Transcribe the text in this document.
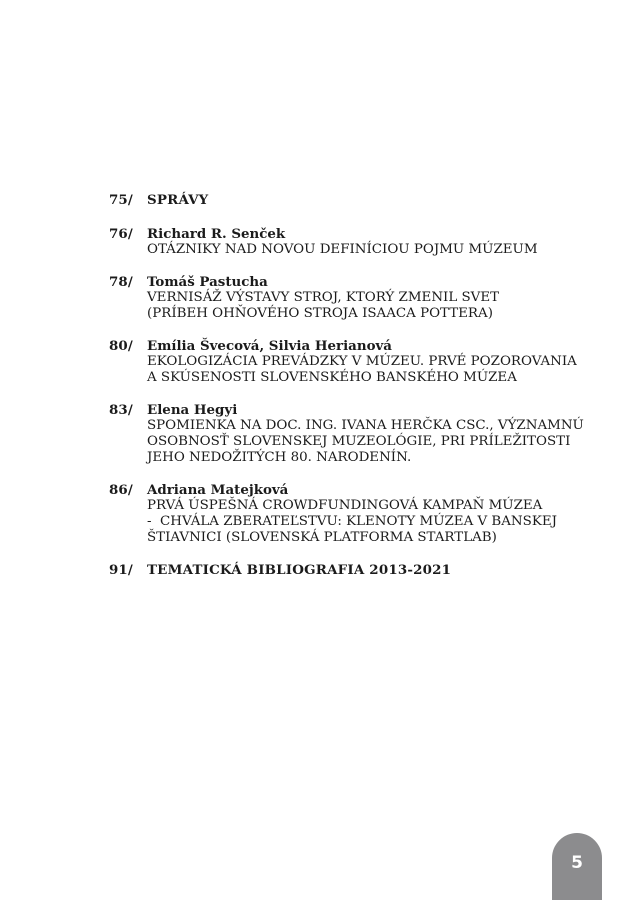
75/	SPRÁVY
76/	Richard R. Senček
OTÁZNIKY NAD NOVOU DEFINÍCIOU POJMU MÚZEUM
78/	Tomáš Pastucha
VERNISÁŽ VÝSTAVY STROJ, KTORÝ ZMENIL SVET
(PRÍBEH OHŇOVÉHO STROJA ISAACA POTTERA)
80/	Emília Švecová, Silvia Herianová
EKOLOGIZÁCIA PREVÁDZKY V MÚZEU. PRVÉ POZOROVANIA
A SKÚSENOSTI SLOVENSKÉHO BANSKÉHO MÚZEA
83/	Elena Hegyi
SPOMIENKA NA DOC. ING. IVANA HERČKA CSC., VÝZNAMNÚ
OSOBNOSŤ SLOVENSKEJ MUZEOLÓGIE, PRI PRÍLEŽITOSTI
JEHO NEDOŽITÝCH 80. NARODENÍN.
86/	Adriana Matejková
PRVÁ ÚSPEŠNÁ CROWDFUNDINGOVÁ KAMPAŇ MÚZEA
-  CHVÁLA ZBERATEĽSTVU: KLENOTY MÚZEA V BANSKEJ
ŠTIAVNICI (SLOVENSKÁ PLATFORMA STARTLAB)
91/	TEMATICKÁ BIBLIOGRAFIA 2013-2021
5
